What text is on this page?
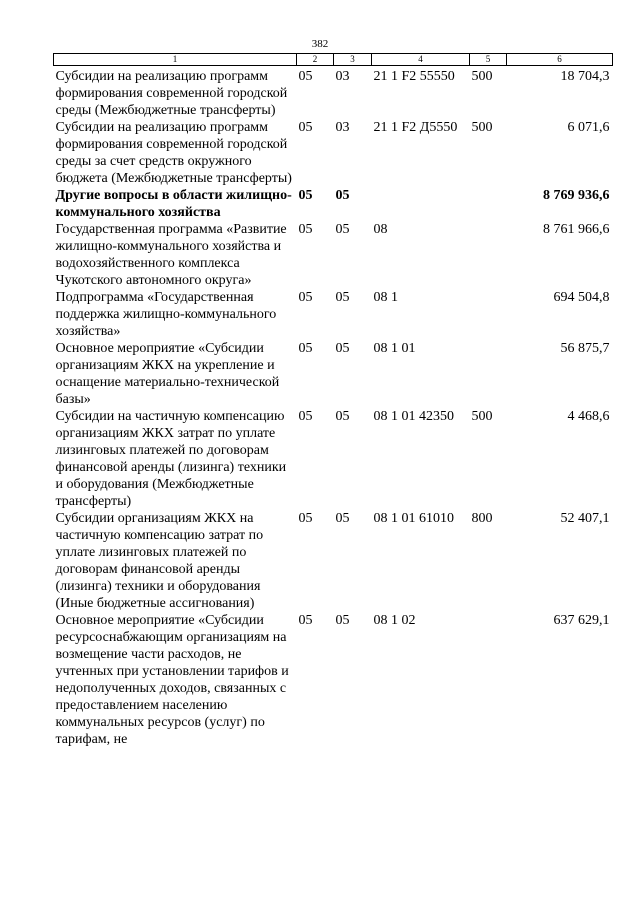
382
1	2	3	4	5	6
Субсидии на реализацию программ формирования современной городской среды (Межбюджетные трансферты)	05	03	21 1 F2 55550	500	18 704,3
Субсидии на реализацию программ формирования современной городской среды за счет средств окружного бюджета (Межбюджетные трансферты)	05	03	21 1 F2 Д5550	500	6 071,6
Другие вопросы в области жилищно-коммунального хозяйства	05	05			8 769 936,6
Государственная программа «Развитие жилищно-коммунального хозяйства и водохозяйственного комплекса Чукотского автономного округа»	05	05	08		8 761 966,6
Подпрограмма «Государственная поддержка жилищно-коммунального хозяйства»	05	05	08 1		694 504,8
Основное мероприятие «Субсидии организациям ЖКХ на укрепление и оснащение материально-технической базы»	05	05	08 1 01		56 875,7
Субсидии на частичную компенсацию организациям ЖКХ затрат по уплате лизинговых платежей по договорам финансовой аренды (лизинга) техники и оборудования (Межбюджетные трансферты)	05	05	08 1 01 42350	500	4 468,6
Субсидии организациям ЖКХ на частичную компенсацию затрат по уплате лизинговых платежей по договорам финансовой аренды (лизинга) техники и оборудования (Иные бюджетные ассигнования)	05	05	08 1 01 61010	800	52 407,1
Основное мероприятие «Субсидии ресурсоснабжающим организациям на возмещение части расходов, не учтенных при установлении тарифов и недополученных доходов, связанных с предоставлением населению коммунальных ресурсов (услуг) по тарифам, не	05	05	08 1 02		637 629,1
